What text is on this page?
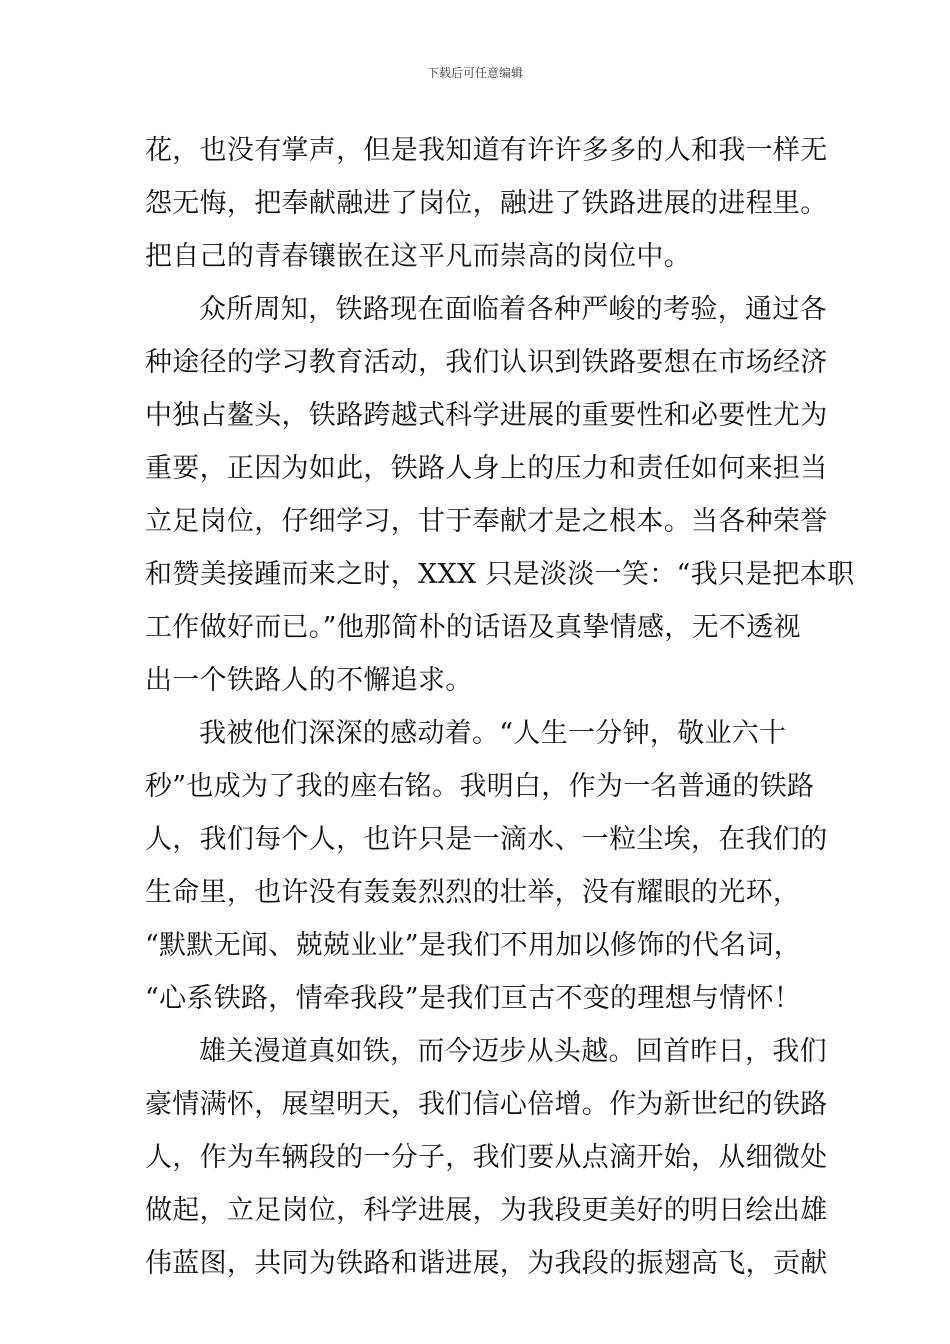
下载后可任意编辑
花，也没有掌声，但是我知道有许许多多的人和我一样无
怨无悔，把奉献融进了岗位，融进了铁路进展的进程里。
把自己的青春镶嵌在这平凡而崇高的岗位中。
众所周知，铁路现在面临着各种严峻的考验，通过各
种途径的学习教育活动，我们认识到铁路要想在市场经济
中独占鳌头，铁路跨越式科学进展的重要性和必要性尤为
重要，正因为如此，铁路人身上的压力和责任如何来担当
立足岗位，仔细学习，甘于奉献才是之根本。当各种荣誉
和赞美接踵而来之时，XXX 只是淡淡一笑：“我只是把本职
工作做好而已。”他那简朴的话语及真挚情感，无不透视
出一个铁路人的不懈追求。
我被他们深深的感动着。“人生一分钟，敬业六十
秒”也成为了我的座右铭。我明白，作为一名普通的铁路
人，我们每个人，也许只是一滴水、一粒尘埃，在我们的
生命里，也许没有轰轰烈烈的壮举，没有耀眼的光环，
“默默无闻、兢兢业业”是我们不用加以修饰的代名词，
“心系铁路，情牵我段”是我们亘古不变的理想与情怀！
雄关漫道真如铁，而今迈步从头越。回首昨日，我们
豪情满怀，展望明天，我们信心倍增。作为新世纪的铁路
人，作为车辆段的一分子，我们要从点滴开始，从细微处
做起，立足岗位，科学进展，为我段更美好的明日绘出雄
伟蓝图，共同为铁路和谐进展，为我段的振翅高飞，贡献
